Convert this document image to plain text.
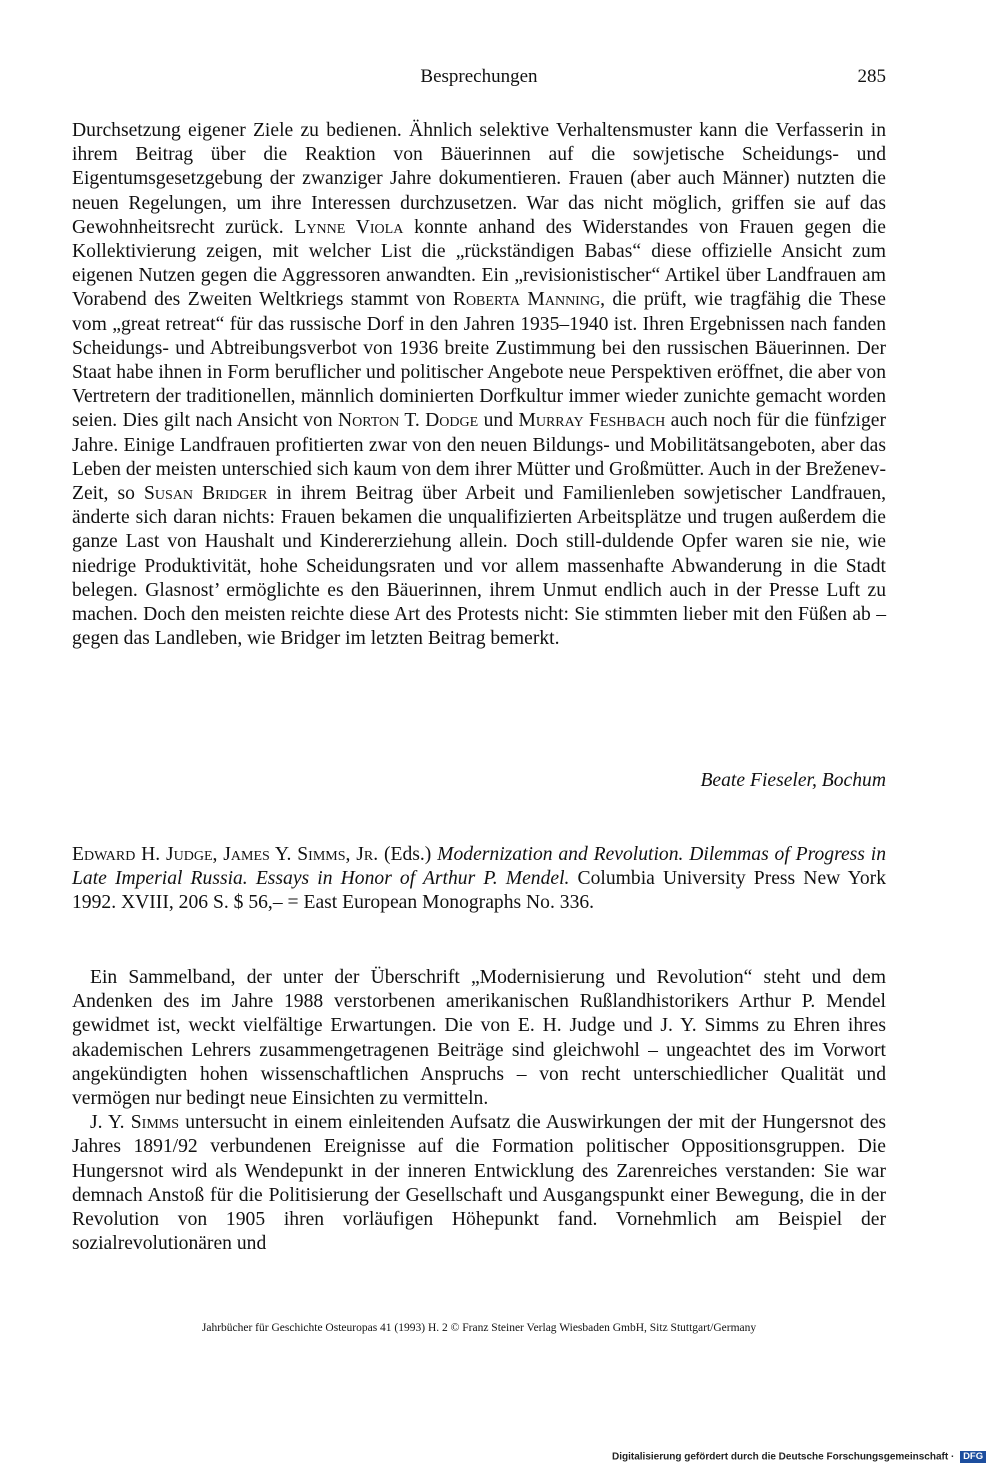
Besprechungen	285

Durchsetzung eigener Ziele zu bedienen. Ähnlich selektive Verhaltensmuster kann die Verfasserin in ihrem Beitrag über die Reaktion von Bäuerinnen auf die sowjetische Scheidungs- und Eigentumsgesetzgebung der zwanziger Jahre dokumentieren. Frauen (aber auch Männer) nutzten die neuen Regelungen, um ihre Interessen durchzusetzen. War das nicht möglich, griffen sie auf das Gewohnheitsrecht zurück. Lynne Viola konnte anhand des Widerstandes von Frauen gegen die Kollektivierung zeigen, mit welcher List die „rückständigen Babas“ diese offizielle Ansicht zum eigenen Nutzen gegen die Aggressoren anwandten. Ein „revisionistischer“ Artikel über Landfrauen am Vorabend des Zweiten Weltkriegs stammt von Roberta Manning, die prüft, wie tragfähig die These vom „great retreat“ für das russische Dorf in den Jahren 1935–1940 ist. Ihren Ergebnissen nach fanden Scheidungs- und Abtreibungsverbot von 1936 breite Zustimmung bei den russischen Bäuerinnen. Der Staat habe ihnen in Form beruflicher und politischer Angebote neue Perspektiven eröffnet, die aber von Vertretern der traditionellen, männlich dominierten Dorfkultur immer wieder zunichte gemacht worden seien. Dies gilt nach Ansicht von Norton T. Dodge und Murray Feshbach auch noch für die fünfziger Jahre. Einige Landfrauen profitierten zwar von den neuen Bildungs- und Mobilitätsangeboten, aber das Leben der meisten unterschied sich kaum von dem ihrer Mütter und Großmütter. Auch in der Breženev-Zeit, so Susan Bridger in ihrem Beitrag über Arbeit und Familienleben sowjetischer Landfrauen, änderte sich daran nichts: Frauen bekamen die unqualifizierten Arbeitsplätze und trugen außerdem die ganze Last von Haushalt und Kindererziehung allein. Doch still-duldende Opfer waren sie nie, wie niedrige Produktivität, hohe Scheidungsraten und vor allem massenhafte Abwanderung in die Stadt belegen. Glasnost’ ermöglichte es den Bäuerinnen, ihrem Unmut endlich auch in der Presse Luft zu machen. Doch den meisten reichte diese Art des Protests nicht: Sie stimmten lieber mit den Füßen ab – gegen das Landleben, wie Bridger im letzten Beitrag bemerkt.

Beate Fieseler, Bochum

Edward H. Judge, James Y. Simms, Jr. (Eds.) Modernization and Revolution. Dilemmas of Progress in Late Imperial Russia. Essays in Honor of Arthur P. Mendel. Columbia University Press New York 1992. XVIII, 206 S. $ 56,– = East European Monographs No. 336.

Ein Sammelband, der unter der Überschrift „Modernisierung und Revolution“ steht und dem Andenken des im Jahre 1988 verstorbenen amerikanischen Rußlandhistorikers Arthur P. Mendel gewidmet ist, weckt vielfältige Erwartungen. Die von E. H. Judge und J. Y. Simms zu Ehren ihres akademischen Lehrers zusammengetragenen Beiträge sind gleichwohl – ungeachtet des im Vorwort angekündigten hohen wissenschaftlichen Anspruchs – von recht unterschiedlicher Qualität und vermögen nur bedingt neue Einsichten zu vermitteln.

J. Y. Simms untersucht in einem einleitenden Aufsatz die Auswirkungen der mit der Hungersnot des Jahres 1891/92 verbundenen Ereignisse auf die Formation politischer Oppositionsgruppen. Die Hungersnot wird als Wendepunkt in der inneren Entwicklung des Zarenreiches verstanden: Sie war demnach Anstoß für die Politisierung der Gesellschaft und Ausgangspunkt einer Bewegung, die in der Revolution von 1905 ihren vorläufigen Höhepunkt fand. Vornehmlich am Beispiel der sozialrevolutionären und

Jahrbücher für Geschichte Osteuropas 41 (1993) H. 2 © Franz Steiner Verlag Wiesbaden GmbH, Sitz Stuttgart/Germany
Digitalisierung gefördert durch die Deutsche Forschungsgemeinschaft · DFG
